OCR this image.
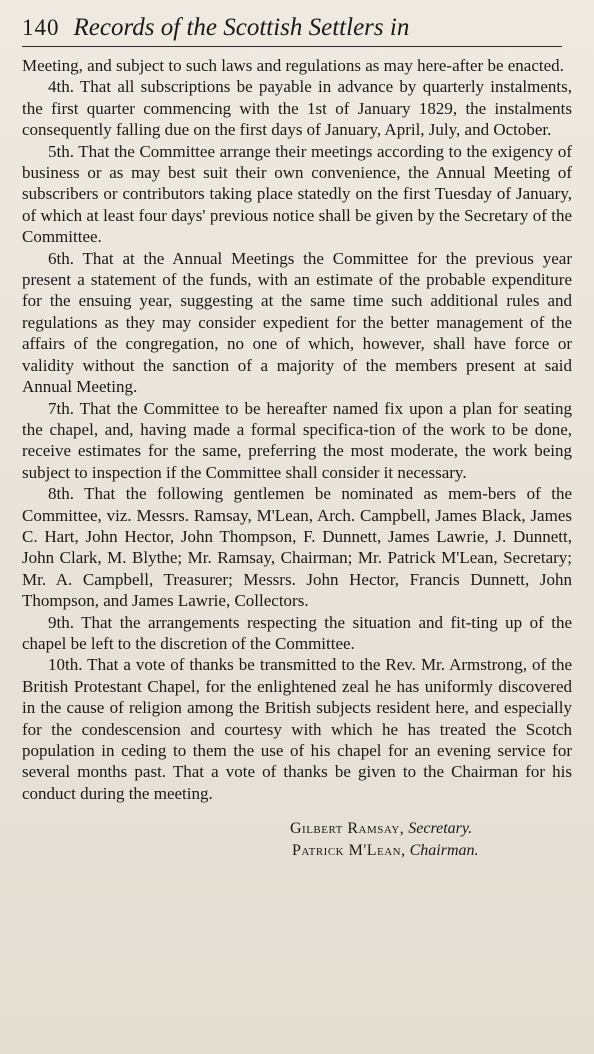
140 Records of the Scottish Settlers in

Meeting, and subject to such laws and regulations as may here-after be enacted.

4th. That all subscriptions be payable in advance by quarterly instalments, the first quarter commencing with the 1st of January 1829, the instalments consequently falling due on the first days of January, April, July, and October.

5th. That the Committee arrange their meetings according to the exigency of business or as may best suit their own convenience, the Annual Meeting of subscribers or contributors taking place statedly on the first Tuesday of January, of which at least four days' previous notice shall be given by the Secretary of the Committee.

6th. That at the Annual Meetings the Committee for the previous year present a statement of the funds, with an estimate of the probable expenditure for the ensuing year, suggesting at the same time such additional rules and regulations as they may consider expedient for the better management of the affairs of the congregation, no one of which, however, shall have force or validity without the sanction of a majority of the members present at said Annual Meeting.

7th. That the Committee to be hereafter named fix upon a plan for seating the chapel, and, having made a formal specifica-tion of the work to be done, receive estimates for the same, preferring the most moderate, the work being subject to inspection if the Committee shall consider it necessary.

8th. That the following gentlemen be nominated as mem-bers of the Committee, viz. Messrs. Ramsay, M'Lean, Arch. Campbell, James Black, James C. Hart, John Hector, John Thompson, F. Dunnett, James Lawrie, J. Dunnett, John Clark, M. Blythe; Mr. Ramsay, Chairman; Mr. Patrick M'Lean, Secretary; Mr. A. Campbell, Treasurer; Messrs. John Hector, Francis Dunnett, John Thompson, and James Lawrie, Collectors.

9th. That the arrangements respecting the situation and fit-ting up of the chapel be left to the discretion of the Committee.

10th. That a vote of thanks be transmitted to the Rev. Mr. Armstrong, of the British Protestant Chapel, for the enlightened zeal he has uniformly discovered in the cause of religion among the British subjects resident here, and especially for the condescension and courtesy with which he has treated the Scotch population in ceding to them the use of his chapel for an evening service for several months past. That a vote of thanks be given to the Chairman for his conduct during the meeting.

Gilbert Ramsay, Secretary.
Patrick M'Lean, Chairman.
